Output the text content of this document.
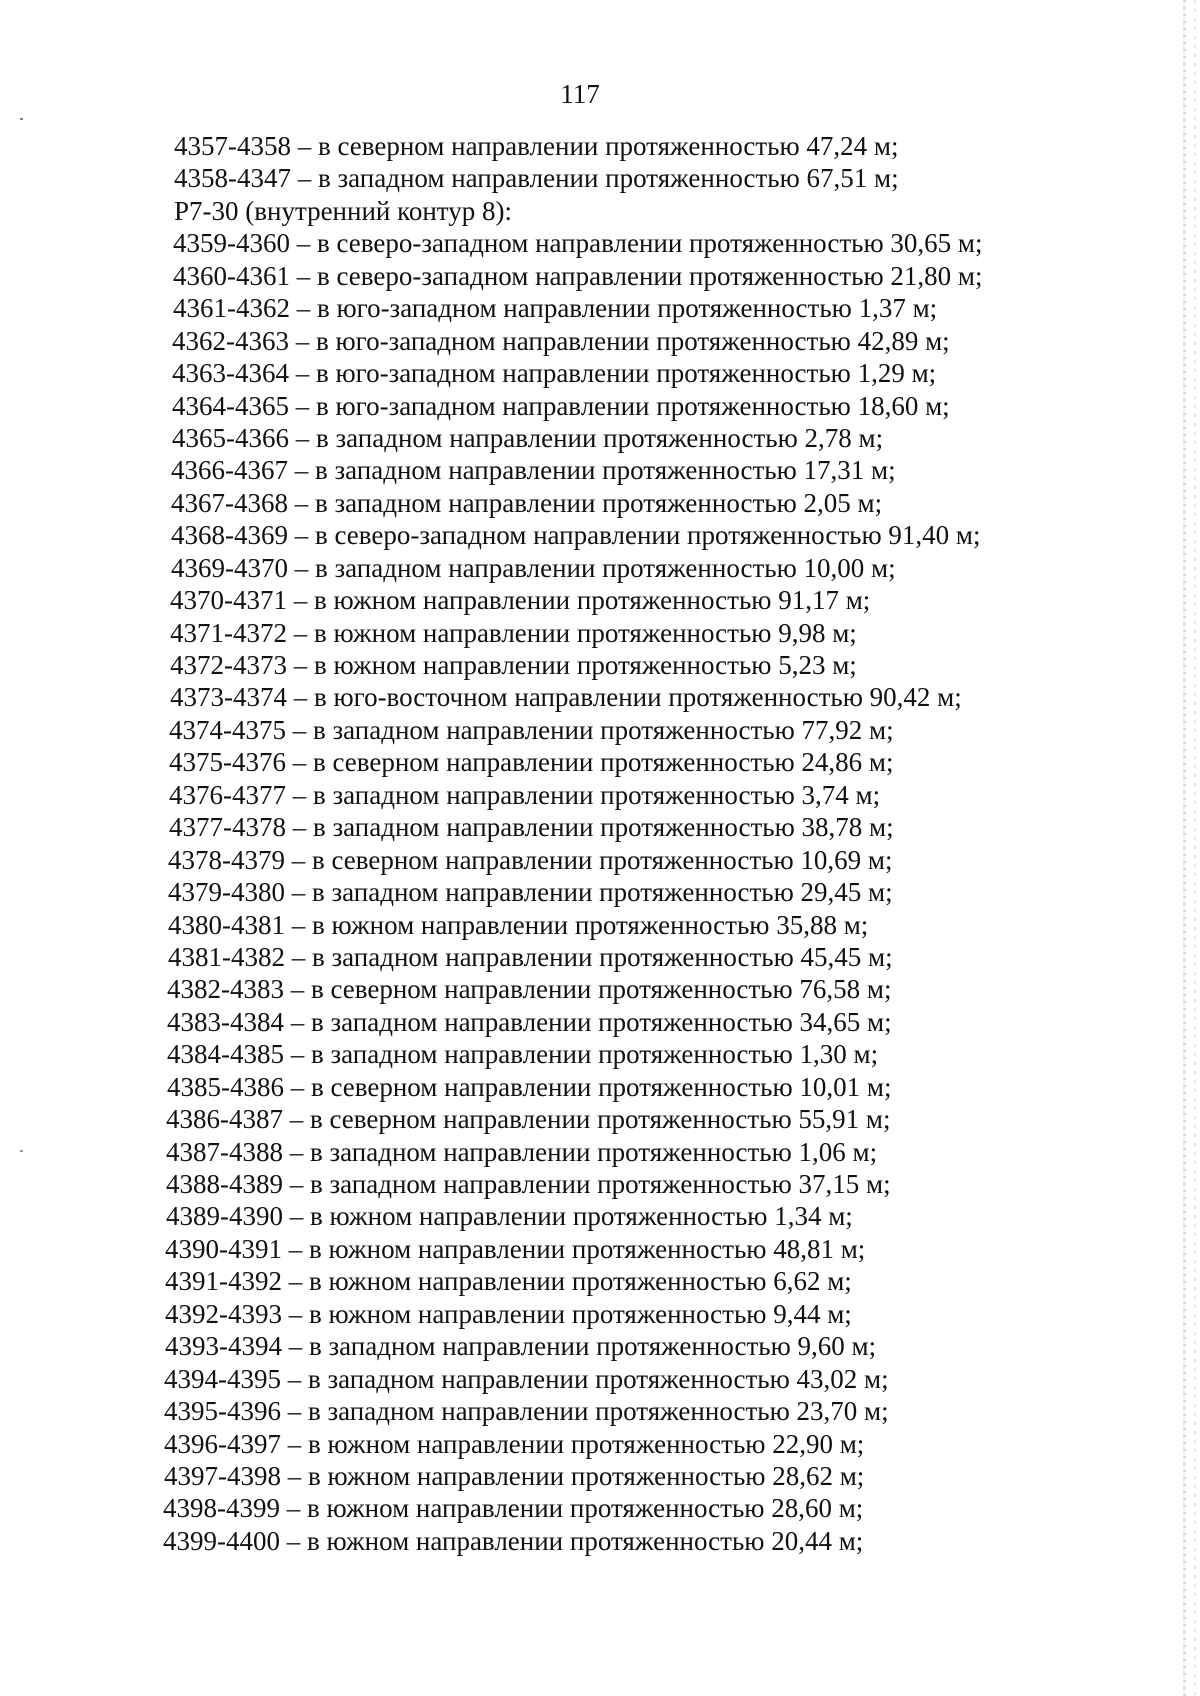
117
4357-4358 – в северном направлении протяженностью 47,24 м;
4358-4347 – в западном направлении протяженностью 67,51 м;
Р7-30 (внутренний контур 8):
4359-4360 – в северо-западном направлении протяженностью 30,65 м;
4360-4361 – в северо-западном направлении протяженностью 21,80 м;
4361-4362 – в юго-западном направлении протяженностью 1,37 м;
4362-4363 – в юго-западном направлении протяженностью 42,89 м;
4363-4364 – в юго-западном направлении протяженностью 1,29 м;
4364-4365 – в юго-западном направлении протяженностью 18,60 м;
4365-4366 – в западном направлении протяженностью 2,78 м;
4366-4367 – в западном направлении протяженностью 17,31 м;
4367-4368 – в западном направлении протяженностью 2,05 м;
4368-4369 – в северо-западном направлении протяженностью 91,40 м;
4369-4370 – в западном направлении протяженностью 10,00 м;
4370-4371 – в южном направлении протяженностью 91,17 м;
4371-4372 – в южном направлении протяженностью 9,98 м;
4372-4373 – в южном направлении протяженностью 5,23 м;
4373-4374 – в юго-восточном направлении протяженностью 90,42 м;
4374-4375 – в западном направлении протяженностью 77,92 м;
4375-4376 – в северном направлении протяженностью 24,86 м;
4376-4377 – в западном направлении протяженностью 3,74 м;
4377-4378 – в западном направлении протяженностью 38,78 м;
4378-4379 – в северном направлении протяженностью 10,69 м;
4379-4380 – в западном направлении протяженностью 29,45 м;
4380-4381 – в южном направлении протяженностью 35,88 м;
4381-4382 – в западном направлении протяженностью 45,45 м;
4382-4383 – в северном направлении протяженностью 76,58 м;
4383-4384 – в западном направлении протяженностью 34,65 м;
4384-4385 – в западном направлении протяженностью 1,30 м;
4385-4386 – в северном направлении протяженностью 10,01 м;
4386-4387 – в северном направлении протяженностью 55,91 м;
4387-4388 – в западном направлении протяженностью 1,06 м;
4388-4389 – в западном направлении протяженностью 37,15 м;
4389-4390 – в южном направлении протяженностью 1,34 м;
4390-4391 – в южном направлении протяженностью 48,81 м;
4391-4392 – в южном направлении протяженностью 6,62 м;
4392-4393 – в южном направлении протяженностью 9,44 м;
4393-4394 – в западном направлении протяженностью 9,60 м;
4394-4395 – в западном направлении протяженностью 43,02 м;
4395-4396 – в западном направлении протяженностью 23,70 м;
4396-4397 – в южном направлении протяженностью 22,90 м;
4397-4398 – в южном направлении протяженностью 28,62 м;
4398-4399 – в южном направлении протяженностью 28,60 м;
4399-4400 – в южном направлении протяженностью 20,44 м;
